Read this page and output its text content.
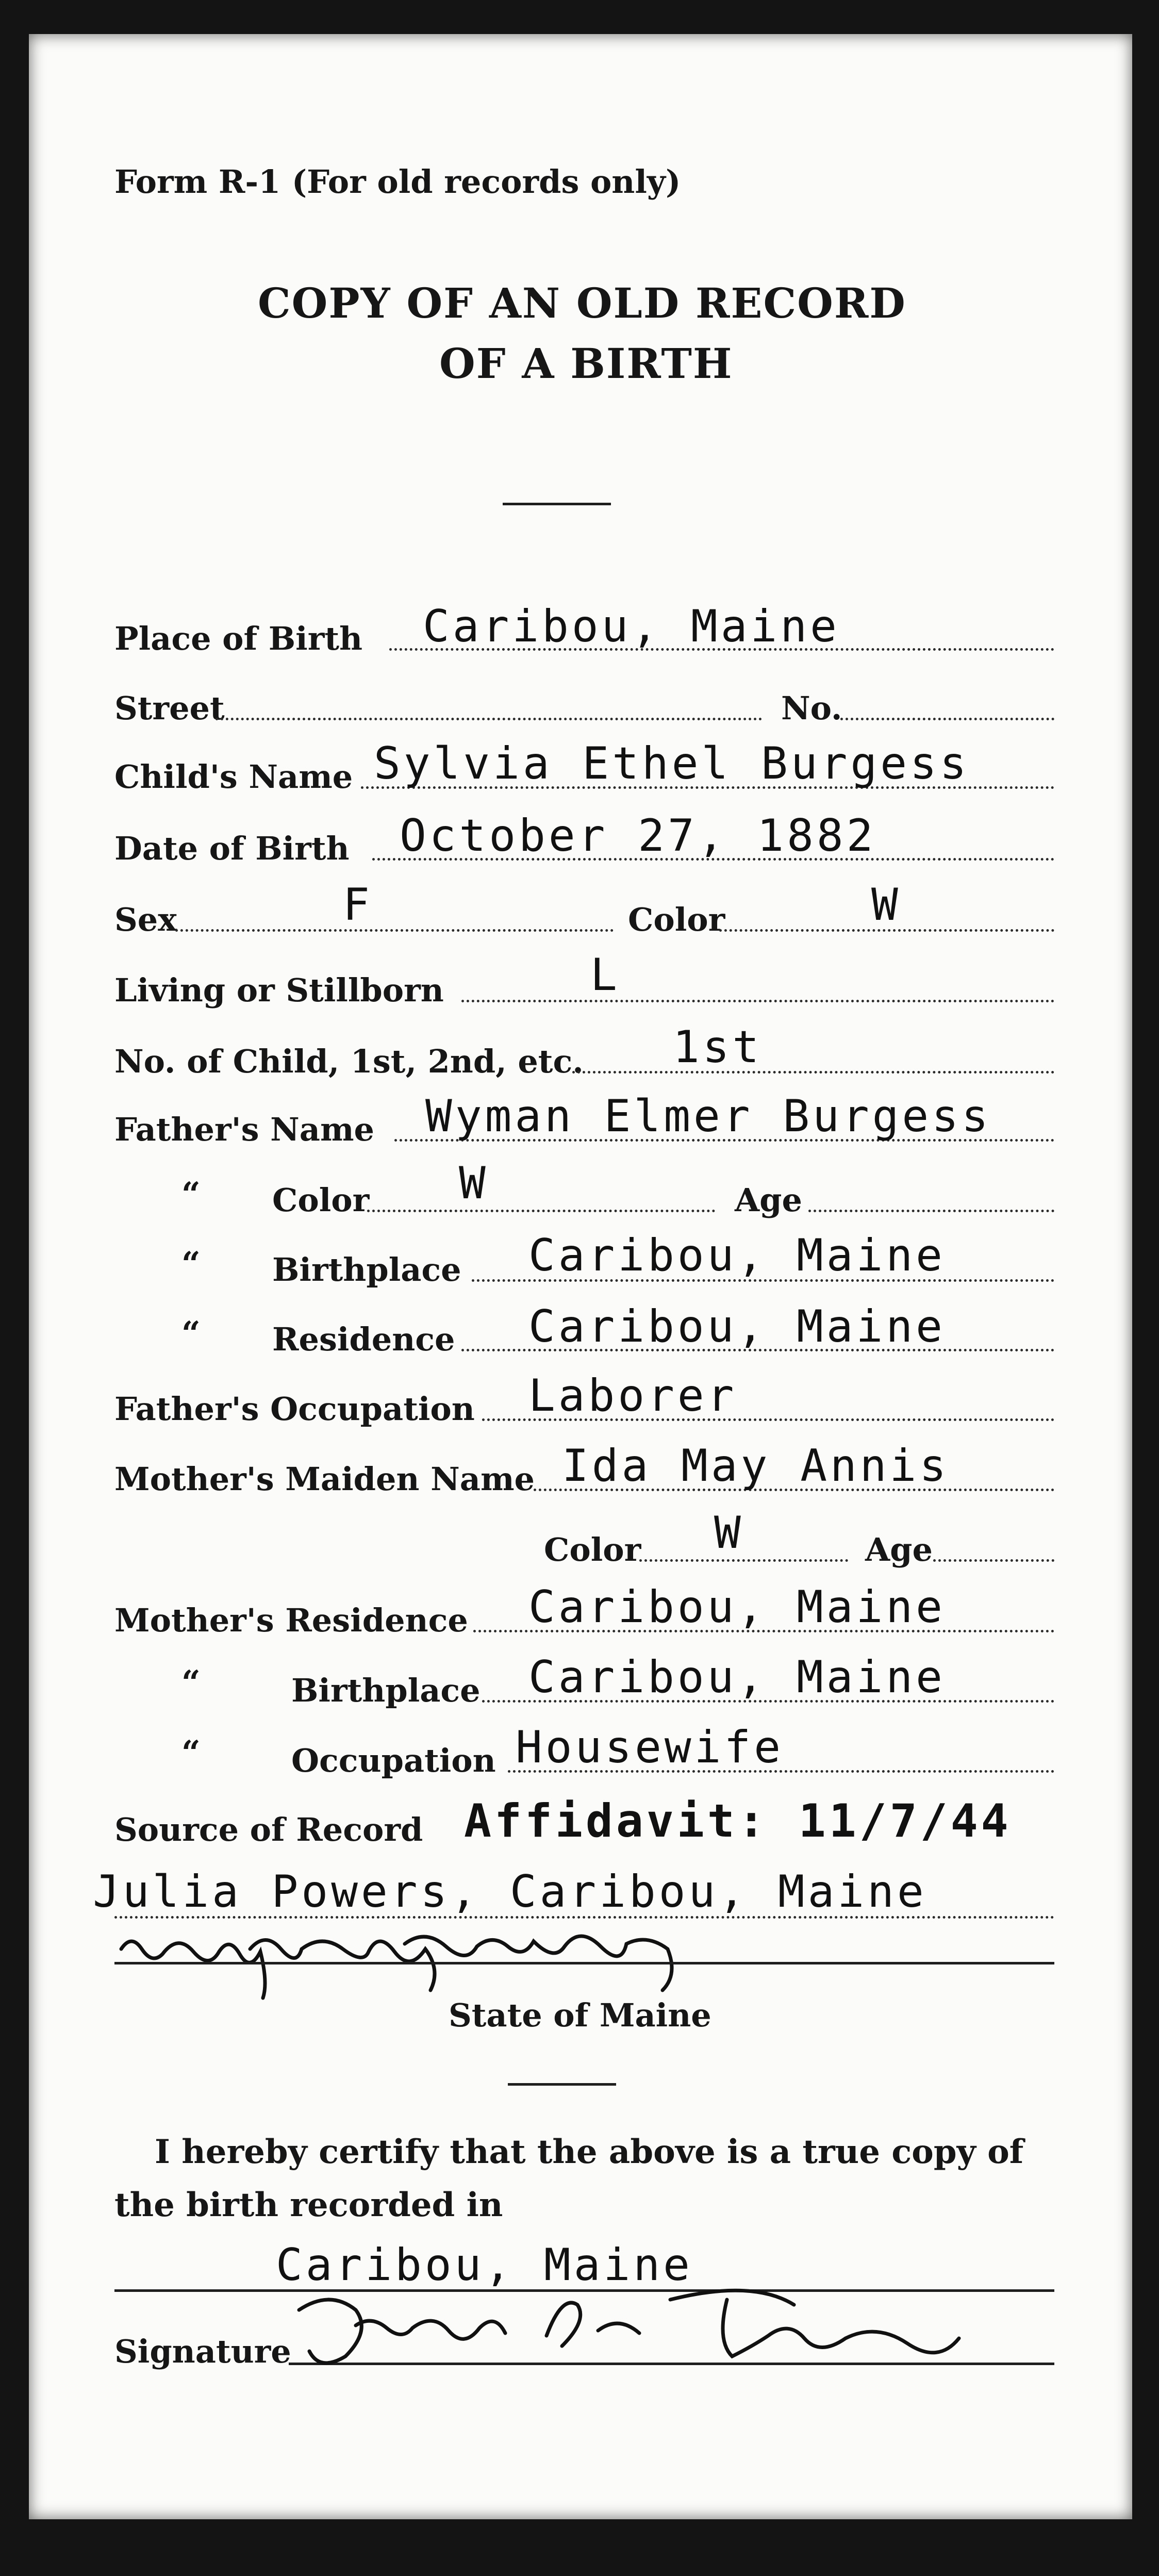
Form R-1 (For old records only)
COPY OF AN OLD RECORD
OF A BIRTH
Place of Birth Caribou, Maine
Street	No.
Child's Name Sylvia Ethel Burgess
Date of Birth October 27, 1882
Sex	F	Color	W
Living or Stillborn	L
No. of Child, 1st, 2nd, etc. 1st
Father's Name Wyman Elmer Burgess
“ Color W	Age
“ Birthplace Caribou, Maine
“ Residence Caribou, Maine
Father's Occupation Laborer
Mother's Maiden Name Ida May Annis
Color W	Age
Mother's Residence Caribou, Maine
“	Birthplace Caribou, Maine
“	Occupation Housewife
Source of Record Affidavit: 11/7/44
Julia Powers, Caribou, Maine
State of Maine
I hereby certify that the above is a true copy of
the birth recorded in
Caribou, Maine
Signature
